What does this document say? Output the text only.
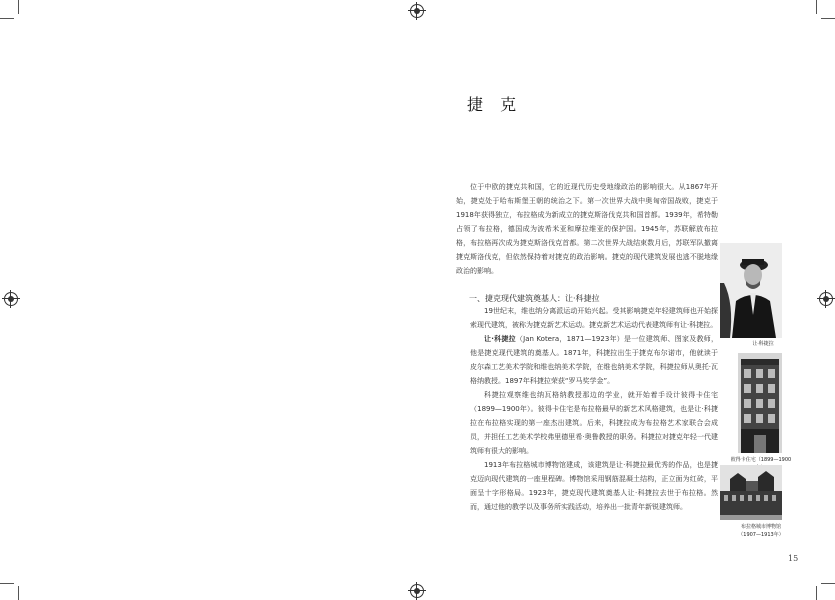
捷 克

位于中欧的捷克共和国，它的近现代历史受地缘政治的影响很大。从1867年开始，捷克处于哈布斯堡王朝的统治之下。第一次世界大战中奥匈帝国战败，捷克于1918年获得独立，布拉格成为新成立的捷克斯洛伐克共和国首都。1939年，希特勒占领了布拉格，德国成为波希米亚和摩拉维亚的保护国。1945年，苏联解放布拉格，布拉格再次成为捷克斯洛伐克首都。第二次世界大战结束数月后，苏联军队撤离捷克斯洛伐克，但依然保持着对捷克的政治影响。捷克的现代建筑发展也逃不脱地缘政治的影响。

一、捷克现代建筑奠基人：让·科捷拉

19世纪末，维也纳分离派运动开始兴起。受其影响捷克年轻建筑师也开始探索现代建筑，被称为捷克新艺术运动。捷克新艺术运动代表建筑师有让·科捷拉。

让·科捷拉（Jan Kotera，1871—1923年）是一位建筑师、图家及教师，他是捷克现代建筑的奠基人。1871年，科捷拉出生于捷克布尔诺市，他就读于皮尔森工艺美术学院和维也纳美术学院，在维也纳美术学院，科捷拉师从奥托·瓦格纳教授。1897年科捷拉荣获“罗马奖学金”。

科捷拉观察维也纳瓦格纳教授那边的学业，就开始着手设计彼得卡住宅（1899—1900年）。彼得卡住宅是布拉格最早的新艺术风格建筑，也是让·科捷拉在布拉格实现的第一座杰出建筑。后来，科捷拉成为布拉格艺术家联合会成员，并担任工艺美术学校弗里德里希·奥鲁教授的职务。科捷拉对捷克年轻一代建筑师有很大的影响。

1913年布拉格城市博物馆建成，该建筑是让·科捷拉最优秀的作品，也是捷克迈向现代建筑的一座里程碑。博物馆采用钢筋混凝土结构，正立面为红砖，平面呈十字形格局。1923年，捷克现代建筑奠基人让·科捷拉去世于布拉格。然而，通过他的教学以及事务所实践活动，培养出一批青年新锐建筑师。

让·科捷拉
彼得卡住宅（1899—1900
布拉格城市博物馆
（1907—1913年）
15
